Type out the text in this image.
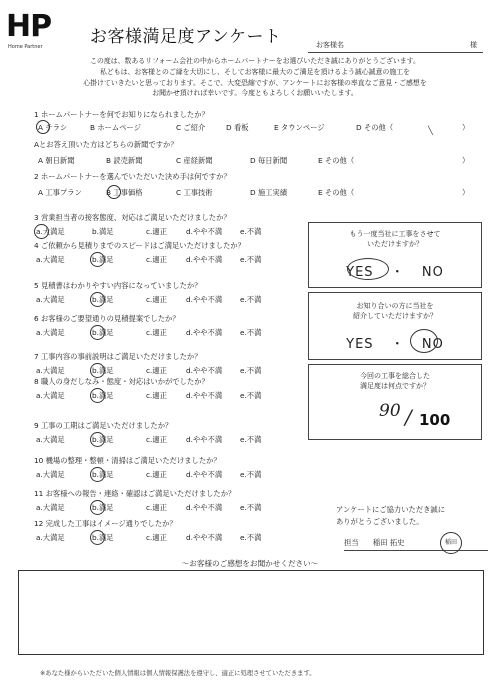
HP
Home Partner	お客様満足度アンケート	お客様名	様
この度は、数あるリフォーム会社の中からホームパートナーをお選びいただき誠にありがとうございます。
私どもは、お客様とのご縁を大切にし、そしてお客様に最大のご満足を頂けるよう誠心誠意の施工を
心掛けていきたいと思っております。そこで、大変恐縮ですが、アンケートにお客様の率直なご意見・ご感想を
お聞かせ頂ければ幸いです。今度ともよろしくお願いいたします。
1 ホームパートナーを何でお知りになられましたか？
A チラシ	B ホームページ	C ご紹介	D 看板	E タウンページ	D その他（	）
Aとお答え頂いた方はどちらの新聞ですか？
A 朝日新聞	B 読売新聞	C 産経新聞	D 毎日新聞	E その他（	）
2 ホームパートナーを選んでいただいた決め手は何ですか？
A 工事プラン	B 工事価格	C 工事技術	D 施工実績	E その他（	）
3 営業担当者の接客態度、対応はご満足いただけましたか？
a.大満足	b.満足	c.適正	d.やや不満 e.不満
4 ご依頼から見積りまでのスピードはご満足いただけましたか？
a.大満足	b.満足	c.適正	d.やや不満 e.不満
5 見積書はわかりやすい内容になっていましたか？
a.大満足	b.満足	c.適正	d.やや不満 e.不満
6 お客様のご要望通りの見積提案でしたか？
a.大満足	b.満足	c.適正	d.やや不満 e.不満
7 工事内容の事前説明はご満足いただけましたか？
a.大満足	b.満足	c.適正	d.やや不満 e.不満
8 職人の身だしなみ・態度・対応はいかがでしたか？
a.大満足	b.満足	c.適正	d.やや不満 e.不満
9 工事の工期はご満足いただけましたか？
a.大満足	b.満足	c.適正	d.やや不満 e.不満
10 機場の整理・整頓・清掃はご満足いただけましたか？
a.大満足	b.満足	c.適正	d.やや不満 e.不満
11 お客様への報告・連絡・確認はご満足いただけましたか？
a.大満足	b.満足	c.適正	d.やや不満 e.不満
12 完成した工事はイメージ通りでしたか？
a.大満足	b.満足	c.適正	d.やや不満 e.不満
もう一度当社に工事をさせて
いただけますか？
YES ・ NO
お知り合いの方に当社を
紹介していただけますか？
YES ・ NO
今回の工事を総合した
満足度は何点ですか？
90 / 100
アンケートにご協力いただき誠に
ありがとうございました。
担当 稲田 拓史	稲田
〜お客様のご感想をお聞かせください〜
※あなた様からいただいた個人情報は個人情報保護法を遵守し、適正に処理させていただきます。
╲
